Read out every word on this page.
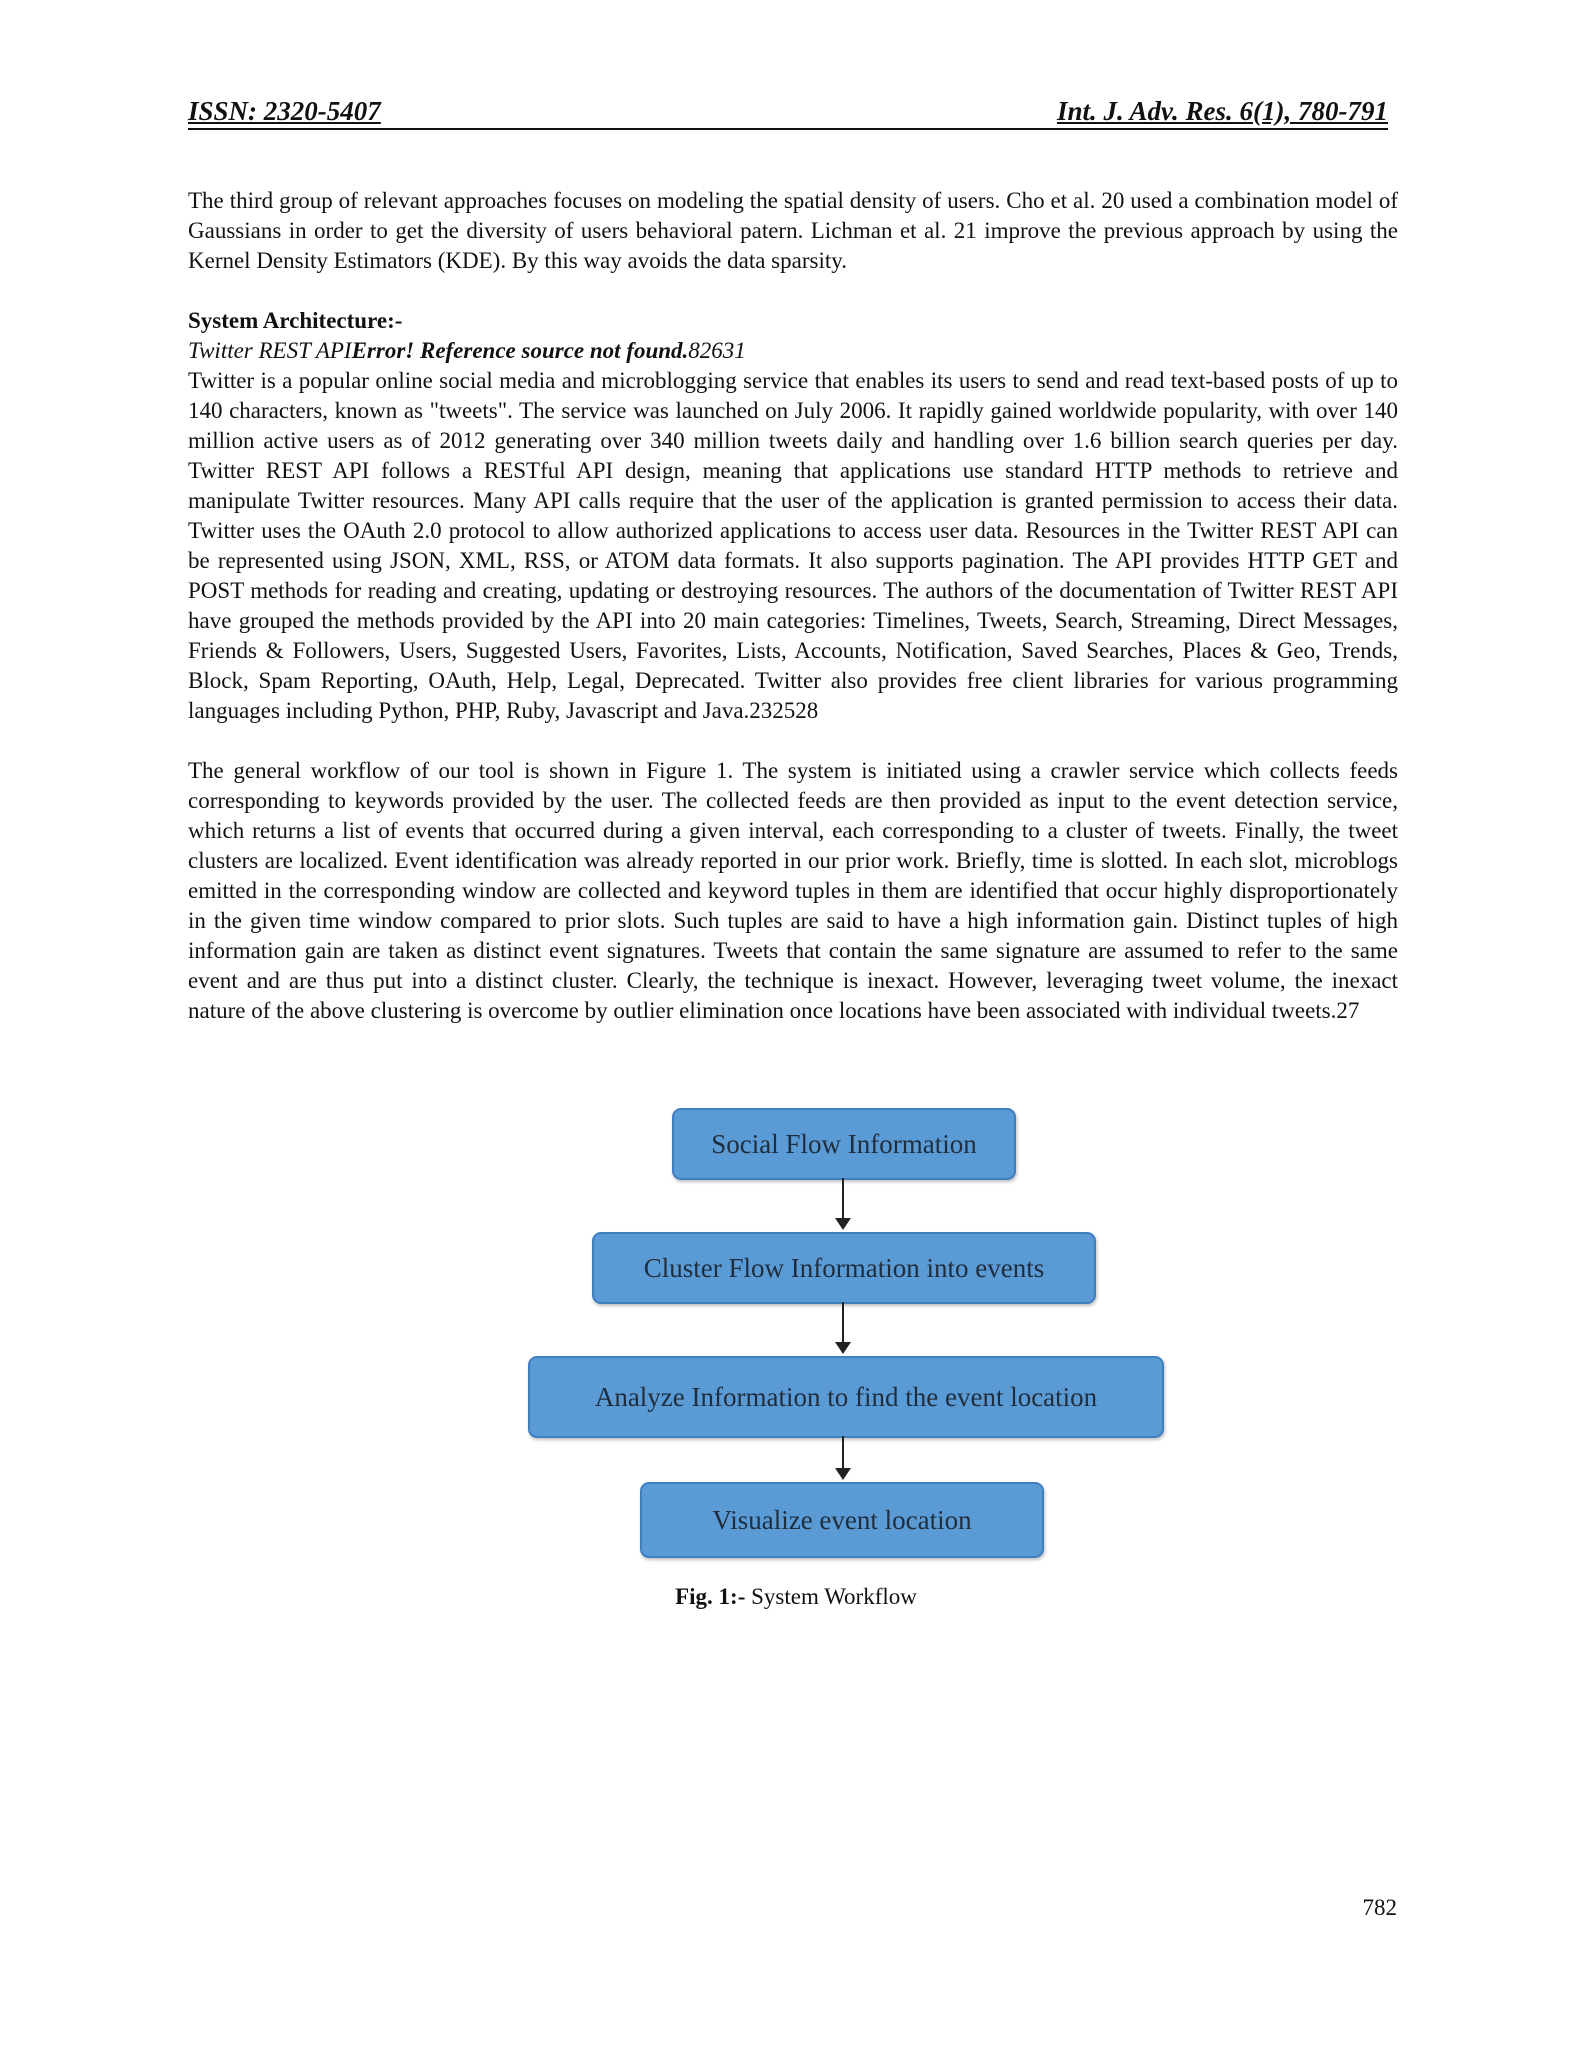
ISSN: 2320-5407	Int. J. Adv. Res. 6(1), 780-791

The third group of relevant approaches focuses on modeling the spatial density of users. Cho et al. 20 used a combination model of Gaussians in order to get the diversity of users behavioral patern. Lichman et al. 21 improve the previous approach by using the Kernel Density Estimators (KDE). By this way avoids the data sparsity.

System Architecture:-

Twitter REST APIError! Reference source not found.82631

Twitter is a popular online social media and microblogging service that enables its users to send and read text-based posts of up to 140 characters, known as "tweets". The service was launched on July 2006. It rapidly gained worldwide popularity, with over 140 million active users as of 2012 generating over 340 million tweets daily and handling over 1.6 billion search queries per day. Twitter REST API follows a RESTful API design, meaning that applications use standard HTTP methods to retrieve and manipulate Twitter resources. Many API calls require that the user of the application is granted permission to access their data. Twitter uses the OAuth 2.0 protocol to allow authorized applications to access user data. Resources in the Twitter REST API can be represented using JSON, XML, RSS, or ATOM data formats. It also supports pagination. The API provides HTTP GET and POST methods for reading and creating, updating or destroying resources. The authors of the documentation of Twitter REST API have grouped the methods provided by the API into 20 main categories: Timelines, Tweets, Search, Streaming, Direct Messages, Friends & Followers, Users, Suggested Users, Favorites, Lists, Accounts, Notification, Saved Searches, Places & Geo, Trends, Block, Spam Reporting, OAuth, Help, Legal, Deprecated. Twitter also provides free client libraries for various programming languages including Python, PHP, Ruby, Javascript and Java.232528

The general workflow of our tool is shown in Figure 1. The system is initiated using a crawler service which collects feeds corresponding to keywords provided by the user. The collected feeds are then provided as input to the event detection service, which returns a list of events that occurred during a given interval, each corresponding to a cluster of tweets. Finally, the tweet clusters are localized. Event identification was already reported in our prior work. Briefly, time is slotted. In each slot, microblogs emitted in the corresponding window are collected and keyword tuples in them are identified that occur highly disproportionately in the given time window compared to prior slots. Such tuples are said to have a high information gain. Distinct tuples of high information gain are taken as distinct event signatures. Tweets that contain the same signature are assumed to refer to the same event and are thus put into a distinct cluster. Clearly, the technique is inexact. However, leveraging tweet volume, the inexact nature of the above clustering is overcome by outlier elimination once locations have been associated with individual tweets.27

Social Flow Information
Cluster Flow Information into events
Analyze Information to find the event location
Visualize event location
Fig. 1:- System Workflow
782
